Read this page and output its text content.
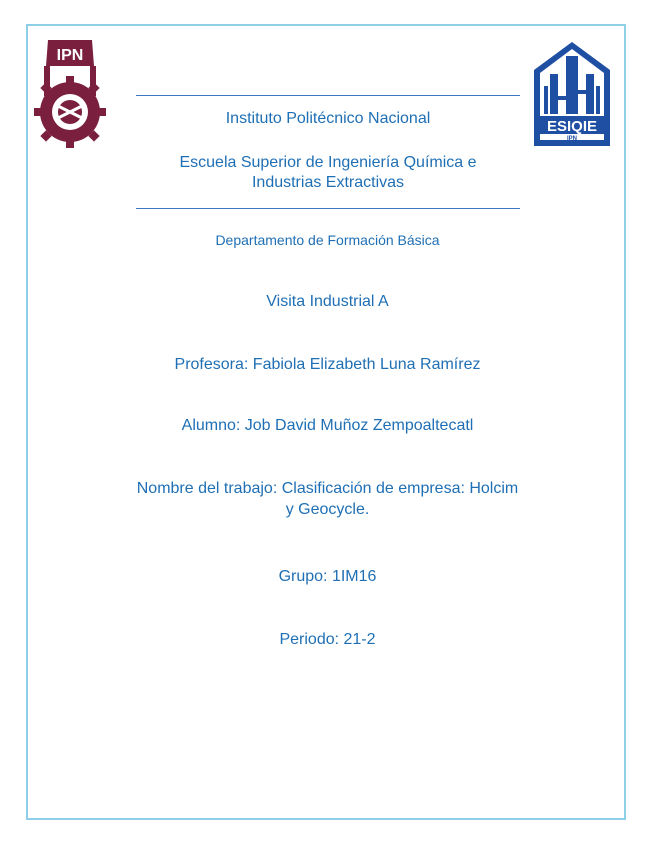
IPN
ESIQIE
IPN

Instituto Politécnico Nacional

Escuela Superior de Ingeniería Química e
Industrias Extractivas

Departamento de Formación Básica

Visita Industrial A

Profesora: Fabiola Elizabeth Luna Ramírez

Alumno: Job David Muñoz Zempoaltecatl

Nombre del trabajo: Clasificación de empresa: Holcim
y Geocycle.

Grupo: 1IM16

Periodo: 21-2
